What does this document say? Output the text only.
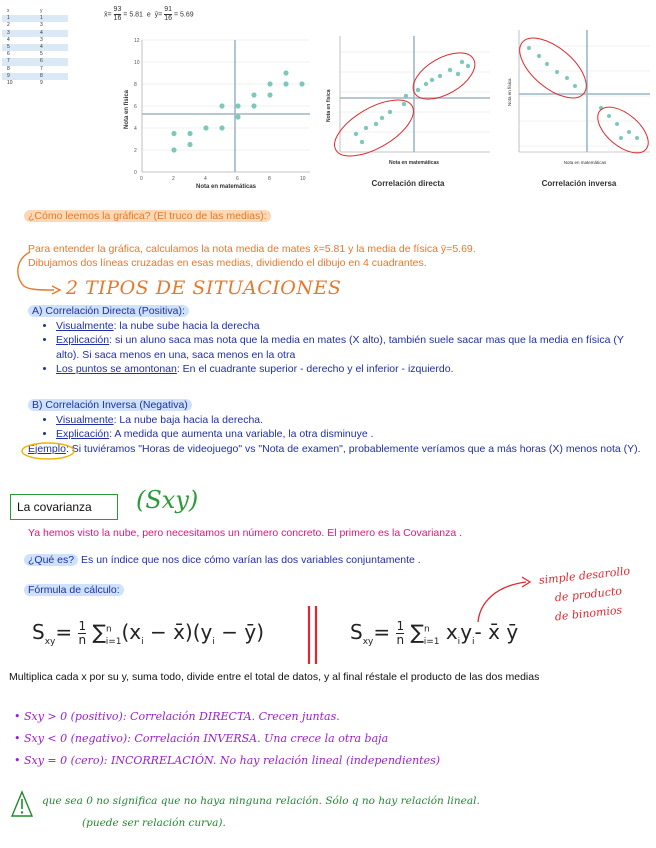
x	y
1	1
2	3
3	4
4	3
5	4
6	5
7	6
8	7
9	8
10	9
x̄= $\frac{93}{16} = 5.81$ e ȳ= $\frac{91}{16} = 5.69$
0
2
4
6
8
10
12
0	2	4	6	8	10
Nota en matemáticas
Nota en física
Nota en matemáticas
Nota en física
Correlación directa
Nota en matemáticas
Nota en física
Correlación inversa
¿Cómo leemos la gráfica? (El truco de las medias):
Para entender la gráfica, calculamos la nota media de mates x̄=5.81 y la media de física ȳ=5.69.
Dibujamos dos líneas cruzadas en esas medias, dividiendo el dibujo en 4 cuadrantes.
2 TIPOS DE SITUACIONES
A) Correlación Directa (Positiva):
• Visualmente: la nube sube hacia la derecha
• Explicación: si un aluno saca mas nota que la media en mates (X alto), también suele sacar mas que la media en física (Y alto). Si saca menos en una, saca menos en la otra
• Los puntos se amontonan: En el cuadrante superior - derecho y el inferior - izquierdo.
B) Correlación Inversa (Negativa)
• Visualmente: La nube baja hacia la derecha.
• Explicación: A medida que aumenta una variable, la otra disminuye .
Ejemplo: Si tuviéramos "Horas de videojuego" vs "Nota de examen", probablemente veríamos que a más horas (X) menos nota (Y).
La covarianza	(Sxy)
Ya hemos visto la nube, pero necesitamos un número concreto. El primero es la Covarianza .
¿Qué es? Es un índice que nos dice cómo varían las dos variables conjuntamente .
Fórmula de cálculo:
$S_{xy}= \frac{1}{n} \sum^n_{i=1}(x_i$ − $x̄)(y_i$ − ȳ)	$S_{xy}= \frac{1}{n} \sum^n_{i=1}$ $x_iy_i-$ x̄ ȳ
simple desarollo
de producto
de binomios
Multiplica cada x por su y, suma todo, divide entre el total de datos, y al final réstale el producto de las dos medias
• Sxy > 0 (positivo): Correlación DIRECTA. Crecen juntas.
• Sxy < 0 (negativo): Correlación INVERSA. Una crece la otra baja
• Sxy = 0 (cero): INCORRELACIÓN. No hay relación lineal (independientes)
que sea 0 no significa que no haya ninguna relación. Sólo q no hay relación lineal.
(puede ser relación curva).
